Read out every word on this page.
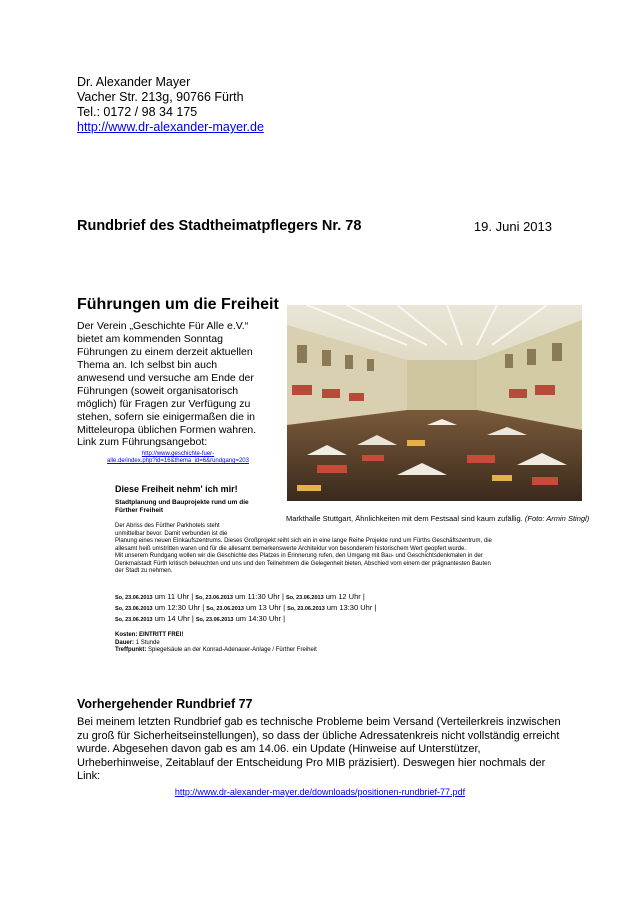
Dr. Alexander Mayer
Vacher Str. 213g, 90766 Fürth
Tel.: 0172 / 98 34 175
http://www.dr-alexander-mayer.de
Rundbrief des Stadtheimatpflegers Nr. 78	19. Juni 2013
Führungen um die Freiheit
Der Verein „Geschichte Für Alle e.V.“ bietet am kommenden Sonntag Führungen zu einem derzeit aktuellen Thema an. Ich selbst bin auch anwesend und versuche am Ende der Führungen (soweit organisatorisch möglich) für Fragen zur Verfügung zu stehen, sofern sie einigermaßen die in Mitteleuropa üblichen Formen wahren.
Link zum Führungsangebot:
http://www.geschichte-fuer-
alle.de/index.php?id=16&thema_id=6&rundgang=203
Markthalle Stuttgart, Ähnlichkeiten mit dem Festsaal sind kaum zufällig. (Foto: Armin Stingl)
Diese Freiheit nehm' ich mir!
Stadtplanung und Bauprojekte rund um die Fürther Freiheit
Der Abriss des Fürther Parkhotels steht
unmittelbar bevor. Damit verbunden ist die
Planung eines neuen Einkaufszentrums. Dieses Großprojekt reiht sich ein in eine lange Reihe Projekte rund um Fürths Geschäftszentrum, die
allesamt heiß umstritten waren und für die allesamt bemerkenswerte Architektur von besonderem historischem Wert geopfert wurde.
Mit unserem Rundgang wollen wir die Geschichte des Platzes in Erinnerung rufen, den Umgang mit Bau- und Geschichtsdenkmalen in der
Denkmalstadt Fürth kritisch beleuchten und uns und den Teilnehmern die Gelegenheit bieten, Abschied vom einem der prägnantesten Bauten
der Stadt zu nehmen.
So, 23.06.2013 um 11 Uhr | So, 23.06.2013 um 11:30 Uhr | So, 23.06.2013 um 12 Uhr |
So, 23.06.2013 um 12:30 Uhr | So, 23.06.2013 um 13 Uhr | So, 23.06.2013 um 13:30 Uhr |
So, 23.06.2013 um 14 Uhr | So, 23.06.2013 um 14:30 Uhr |
Kosten: EINTRITT FREI!
Dauer: 1 Stunde
Treffpunkt: Spiegelsäule an der Konrad-Adenauer-Anlage / Fürther Freiheit
Vorhergehender Rundbrief 77
Bei meinem letzten Rundbrief gab es technische Probleme beim Versand (Verteilerkreis inzwischen zu groß für Sicherheitseinstellungen), so dass der übliche Adressatenkreis nicht vollständig erreicht wurde. Abgesehen davon gab es am 14.06. ein Update (Hinweise auf Unterstützer, Urheberhinweise, Zeitablauf der Entscheidung Pro MIB präzisiert). Deswegen hier nochmals der Link:
http://www.dr-alexander-mayer.de/downloads/positionen-rundbrief-77.pdf
